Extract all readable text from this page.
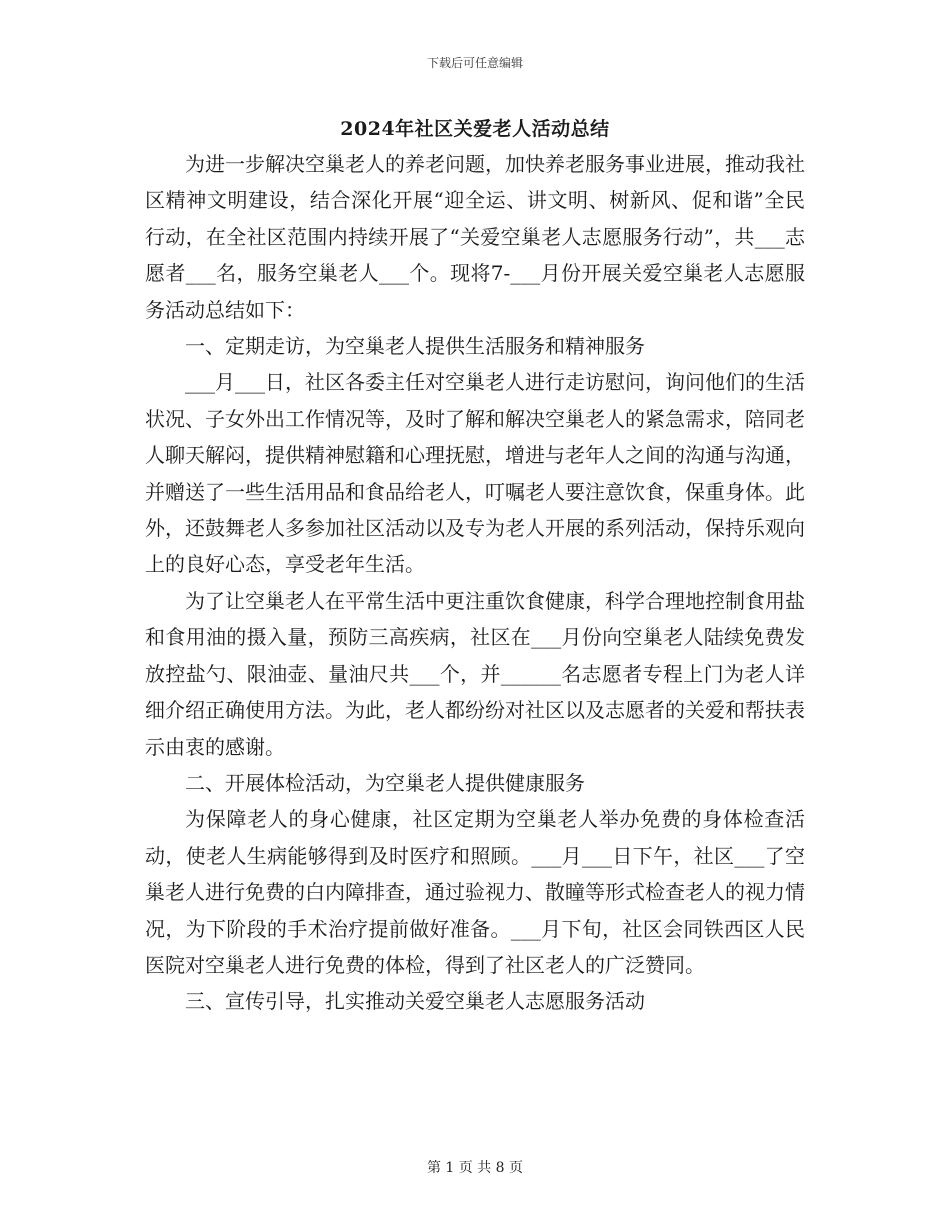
下载后可任意编辑
2024年社区关爱老人活动总结

为进一步解决空巢老人的养老问题，加快养老服务事业进展，推动我社区精神文明建设，结合深化开展“迎全运、讲文明、树新风、促和谐”全民行动，在全社区范围内持续开展了“关爱空巢老人志愿服务行动”，共___志愿者___名，服务空巢老人___个。现将7-___月份开展关爱空巢老人志愿服务活动总结如下：

一、定期走访，为空巢老人提供生活服务和精神服务

___月___日，社区各委主任对空巢老人进行走访慰问，询问他们的生活状况、子女外出工作情况等，及时了解和解决空巢老人的紧急需求，陪同老人聊天解闷，提供精神慰籍和心理抚慰，增进与老年人之间的沟通与沟通，并赠送了一些生活用品和食品给老人，叮嘱老人要注意饮食，保重身体。此外，还鼓舞老人多参加社区活动以及专为老人开展的系列活动，保持乐观向上的良好心态，享受老年生活。

为了让空巢老人在平常生活中更注重饮食健康，科学合理地控制食用盐和食用油的摄入量，预防三高疾病，社区在___月份向空巢老人陆续免费发放控盐勺、限油壶、量油尺共___个，并______名志愿者专程上门为老人详细介绍正确使用方法。为此，老人都纷纷对社区以及志愿者的关爱和帮扶表示由衷的感谢。

二、开展体检活动，为空巢老人提供健康服务

为保障老人的身心健康，社区定期为空巢老人举办免费的身体检查活动，使老人生病能够得到及时医疗和照顾。___月___日下午，社区___了空巢老人进行免费的白内障排查，通过验视力、散瞳等形式检查老人的视力情况，为下阶段的手术治疗提前做好准备。___月下旬，社区会同铁西区人民医院对空巢老人进行免费的体检，得到了社区老人的广泛赞同。

三、宣传引导，扎实推动关爱空巢老人志愿服务活动

第 1 页 共 8 页
